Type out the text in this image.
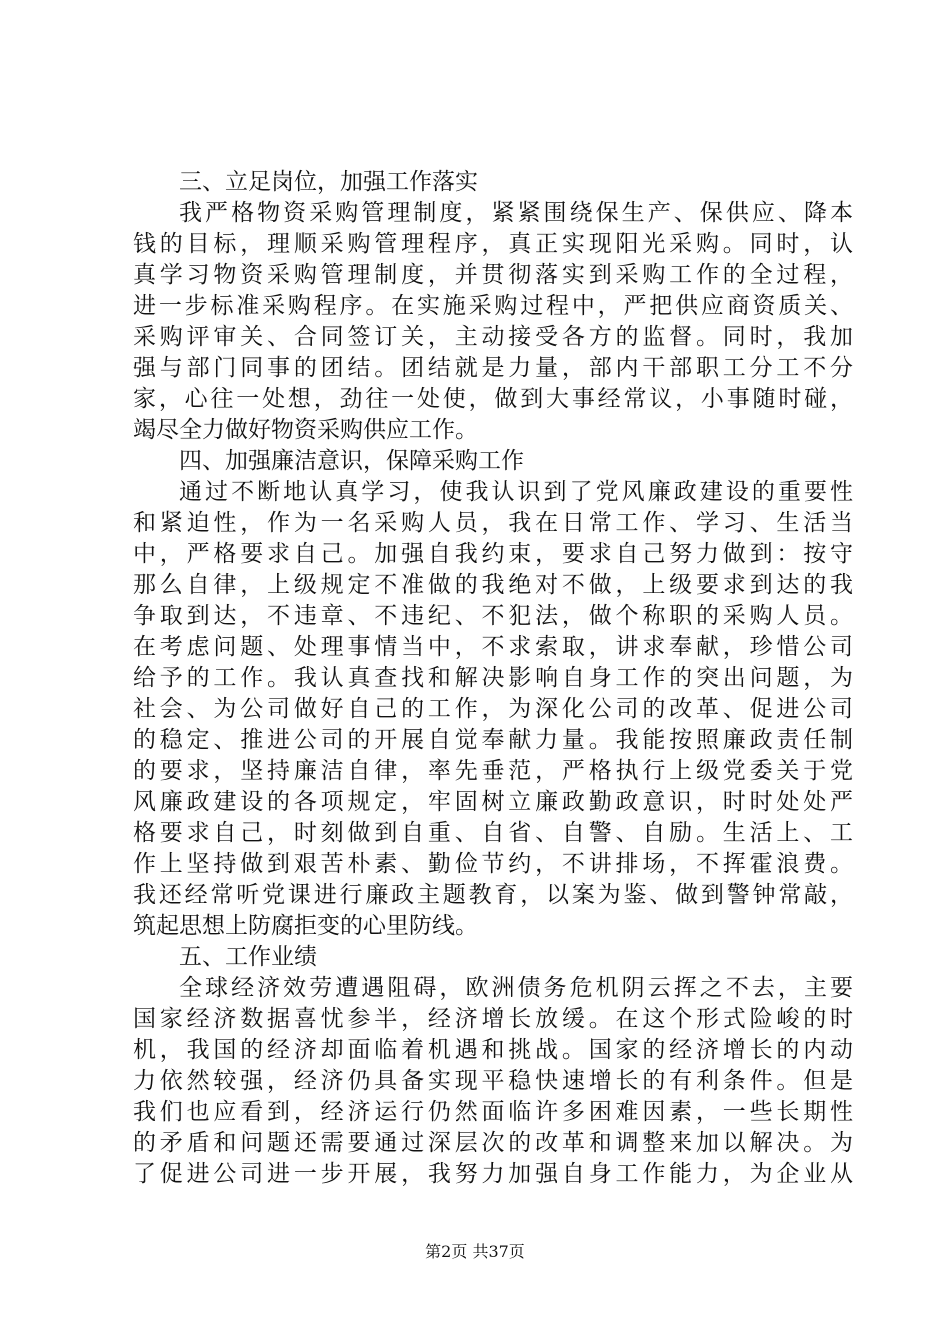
三、立足岗位，加强工作落实
我严格物资采购管理制度，紧紧围绕保生产、保供应、降本
钱的目标，理顺采购管理程序，真正实现阳光采购。同时，认
真学习物资采购管理制度，并贯彻落实到采购工作的全过程，
进一步标准采购程序。在实施采购过程中，严把供应商资质关、
采购评审关、合同签订关，主动接受各方的监督。同时，我加
强与部门同事的团结。团结就是力量，部内干部职工分工不分
家，心往一处想，劲往一处使，做到大事经常议，小事随时碰，
竭尽全力做好物资采购供应工作。
四、加强廉洁意识，保障采购工作
通过不断地认真学习，使我认识到了党风廉政建设的重要性
和紧迫性，作为一名采购人员，我在日常工作、学习、生活当
中，严格要求自己。加强自我约束，要求自己努力做到：按守
那么自律，上级规定不准做的我绝对不做，上级要求到达的我
争取到达，不违章、不违纪、不犯法，做个称职的采购人员。
在考虑问题、处理事情当中，不求索取，讲求奉献，珍惜公司
给予的工作。我认真查找和解决影响自身工作的突出问题，为
社会、为公司做好自己的工作，为深化公司的改革、促进公司
的稳定、推进公司的开展自觉奉献力量。我能按照廉政责任制
的要求，坚持廉洁自律，率先垂范，严格执行上级党委关于党
风廉政建设的各项规定，牢固树立廉政勤政意识，时时处处严
格要求自己，时刻做到自重、自省、自警、自励。生活上、工
作上坚持做到艰苦朴素、勤俭节约，不讲排场，不挥霍浪费。
我还经常听党课进行廉政主题教育，以案为鉴、做到警钟常敲，
筑起思想上防腐拒变的心里防线。
五、工作业绩
全球经济效劳遭遇阻碍，欧洲债务危机阴云挥之不去，主要
国家经济数据喜忧参半，经济增长放缓。在这个形式险峻的时
机，我国的经济却面临着机遇和挑战。国家的经济增长的内动
力依然较强，经济仍具备实现平稳快速增长的有利条件。但是
我们也应看到，经济运行仍然面临许多困难因素，一些长期性
的矛盾和问题还需要通过深层次的改革和调整来加以解决。为
了促进公司进一步开展，我努力加强自身工作能力，为企业从
第2页 共37页
